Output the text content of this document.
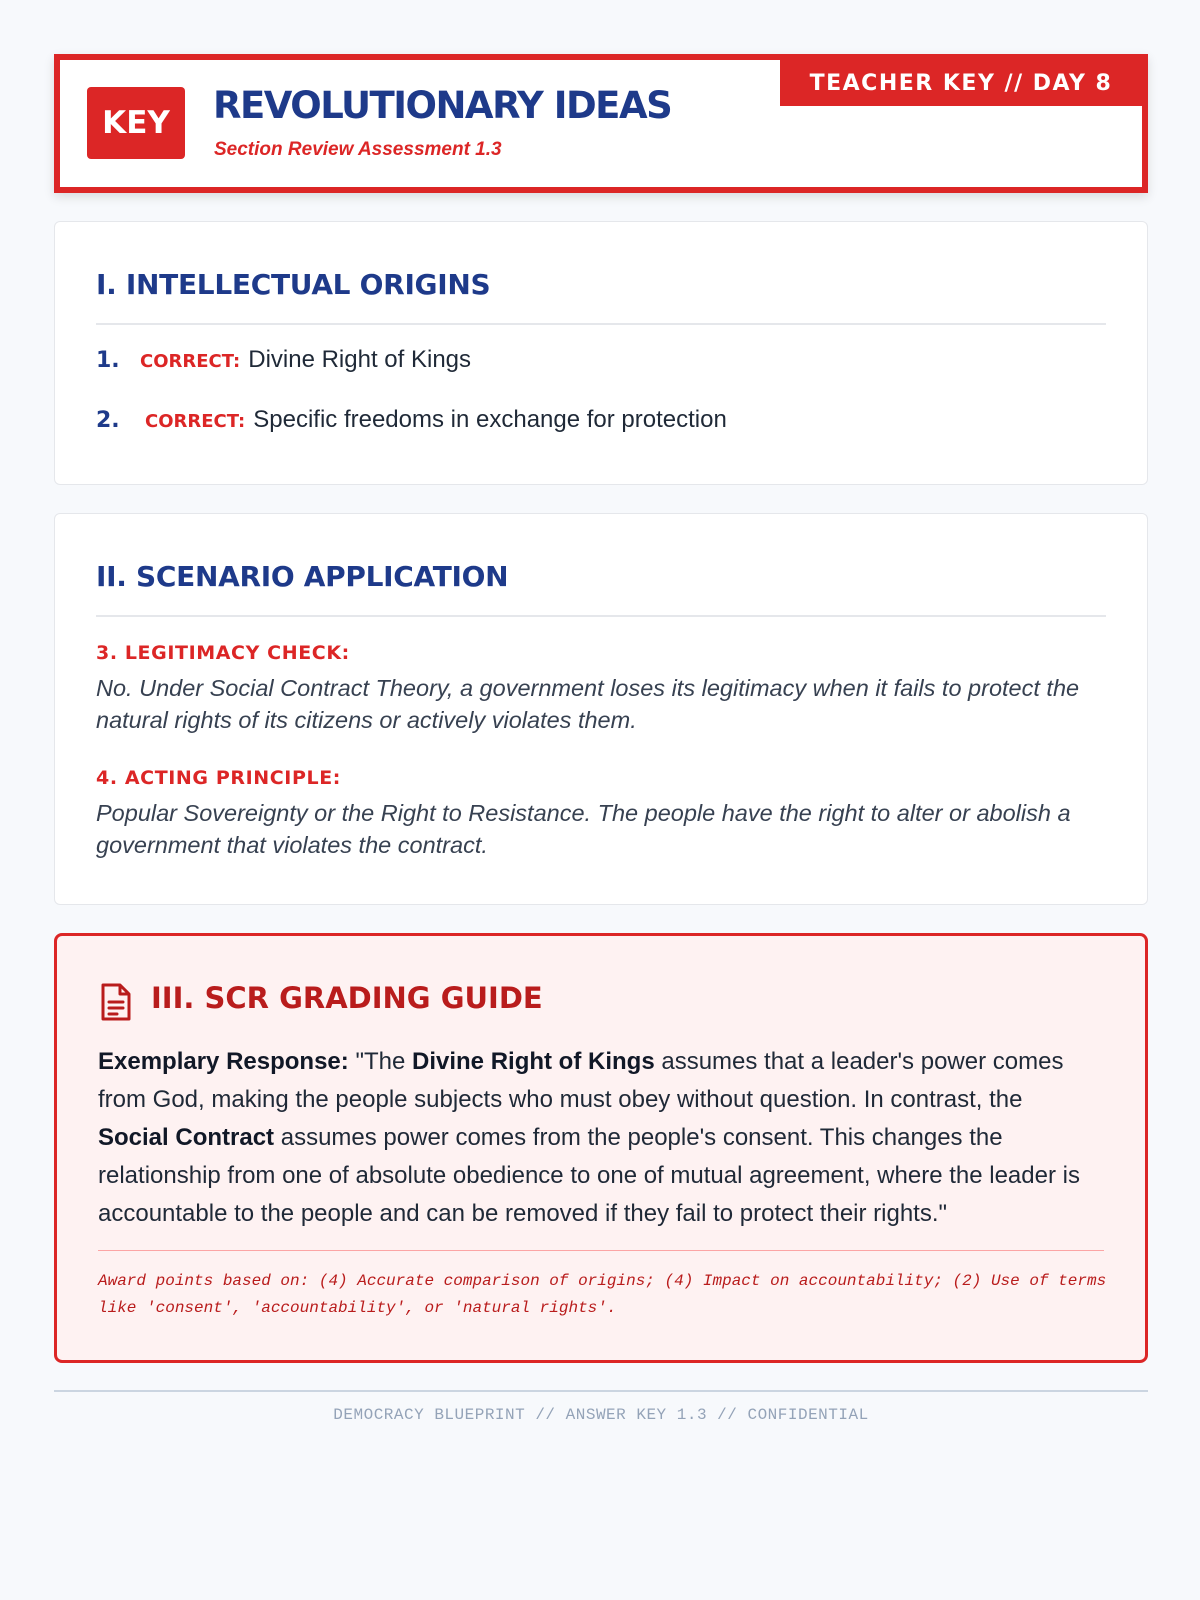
KEY	REVOLUTIONARY IDEAS
Section Review Assessment 1.3
TEACHER KEY // DAY 8
I. INTELLECTUAL ORIGINS
1.	CORRECT: Divine Right of Kings
2.	CORRECT: Specific freedoms in exchange for protection
II. SCENARIO APPLICATION
3. LEGITIMACY CHECK:
No. Under Social Contract Theory, a government loses its legitimacy when it fails to protect the natural rights of its citizens or actively violates them.
4. ACTING PRINCIPLE:
Popular Sovereignty or the Right to Resistance. The people have the right to alter or abolish a government that violates the contract.
III. SCR GRADING GUIDE
Exemplary Response: "The Divine Right of Kings assumes that a leader's power comes from God, making the people subjects who must obey without question. In contrast, the Social Contract assumes power comes from the people's consent. This changes the relationship from one of absolute obedience to one of mutual agreement, where the leader is accountable to the people and can be removed if they fail to protect their rights."
Award points based on: (4) Accurate comparison of origins; (4) Impact on accountability; (2) Use of terms like 'consent', 'accountability', or 'natural rights'.
DEMOCRACY BLUEPRINT // ANSWER KEY 1.3 // CONFIDENTIAL
